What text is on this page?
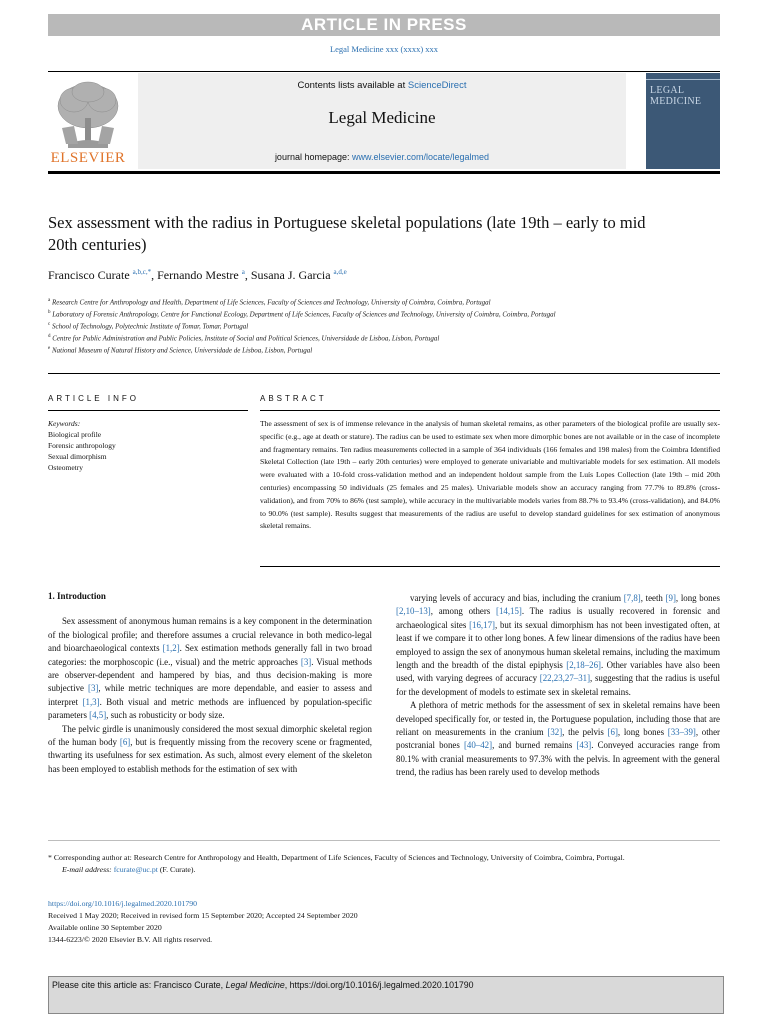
ARTICLE IN PRESS
Legal Medicine xxx (xxxx) xxx
ELSEVIER
Contents lists available at ScienceDirect
Legal Medicine
journal homepage: www.elsevier.com/locate/legalmed
LEGAL MEDICINE
Sex assessment with the radius in Portuguese skeletal populations (late 19th – early to mid 20th centuries)
Francisco Curate $^{a,b,c,*}$, Fernando Mestre $^a$, Susana J. Garcia $^{a,d,e}$
$^a$ Research Centre for Anthropology and Health, Department of Life Sciences, Faculty of Sciences and Technology, University of Coimbra, Coimbra, Portugal
$^b$ Laboratory of Forensic Anthropology, Centre for Functional Ecology, Department of Life Sciences, Faculty of Sciences and Technology, University of Coimbra, Coimbra, Portugal
$^c$ School of Technology, Polytechnic Institute of Tomar, Tomar, Portugal
$^d$ Centre for Public Administration and Public Policies, Institute of Social and Political Sciences, Universidade de Lisboa, Lisbon, Portugal
$^e$ National Museum of Natural History and Science, Universidade de Lisboa, Lisbon, Portugal
ARTICLE INFO	ABSTRACT
Keywords:
Biological profile
Forensic anthropology
Sexual dimorphism
Osteometry
The assessment of sex is of immense relevance in the analysis of human skeletal remains, as other parameters of the biological profile are usually sex-specific (e.g., age at death or stature). The radius can be used to estimate sex when more dimorphic bones are not available or in the case of incomplete and fragmentary remains. Ten radius measurements collected in a sample of 364 individuals (166 females and 198 males) from the Coimbra Identified Skeletal Collection (late 19th – early 20th centuries) were employed to generate univariable and multivariable models for sex estimation. All models were evaluated with a 10-fold cross-validation method and an independent holdout sample from the Luís Lopes Collection (late 19th – mid 20th centuries) encompassing 50 individuals (25 females and 25 males). Univariable models show an accuracy ranging from 77.7% to 89.8% (cross-validation), and from 70% to 86% (test sample), while accuracy in the multivariable models varies from 88.7% to 93.4% (cross-validation), and 84.0% to 90.0% (test sample). Results suggest that measurements of the radius are useful to develop standard guidelines for sex estimation of anonymous skeletal remains.
1. Introduction

Sex assessment of anonymous human remains is a key component in the determination of the biological profile; and therefore assumes a crucial relevance in both medico-legal and bioarchaeological contexts [1,2]. Sex estimation methods generally fall in two broad categories: the morphoscopic (i.e., visual) and the metric approaches [3]. Visual methods are observer-dependent and hampered by bias, and thus decision-making is more subjective [3], while metric techniques are more dependable, and easier to assess and interpret [1,3]. Both visual and metric methods are influenced by population-specific parameters [4,5], such as robusticity or body size.

The pelvic girdle is unanimously considered the most sexual dimorphic skeletal region of the human body [6], but is frequently missing from the recovery scene or fragmented, thwarting its usefulness for sex estimation. As such, almost every element of the skeleton has been employed to establish methods for the estimation of sex with

varying levels of accuracy and bias, including the cranium [7,8], teeth [9], long bones [2,10–13], among others [14,15]. The radius is usually recovered in forensic and archaeological sites [16,17], but its sexual dimorphism has not been investigated often, at least if we compare it to other long bones. A few linear dimensions of the radius have been employed to assign the sex of anonymous human skeletal remains, including the maximum length and the breadth of the distal epiphysis [2,18–26]. Other variables have also been used, with varying degrees of accuracy [22,23,27–31], suggesting that the radius is useful for the development of models to estimate sex in skeletal remains.

A plethora of metric methods for the assessment of sex in skeletal remains have been developed specifically for, or tested in, the Portuguese population, including those that are reliant on measurements in the cranium [32], the pelvis [6], long bones [33–39], other postcranial bones [40–42], and burned remains [43]. Conveyed accuracies range from 80.1% with cranial measurements to 97.3% with the pelvis. In agreement with the general trend, the radius has been rarely used to develop methods

* Corresponding author at: Research Centre for Anthropology and Health, Department of Life Sciences, Faculty of Sciences and Technology, University of Coimbra, Coimbra, Portugal.
E-mail address: fcurate@uc.pt (F. Curate).
https://doi.org/10.1016/j.legalmed.2020.101790
Received 1 May 2020; Received in revised form 15 September 2020; Accepted 24 September 2020
Available online 30 September 2020
1344-6223/© 2020 Elsevier B.V. All rights reserved.
Please cite this article as: Francisco Curate, Legal Medicine, https://doi.org/10.1016/j.legalmed.2020.101790
